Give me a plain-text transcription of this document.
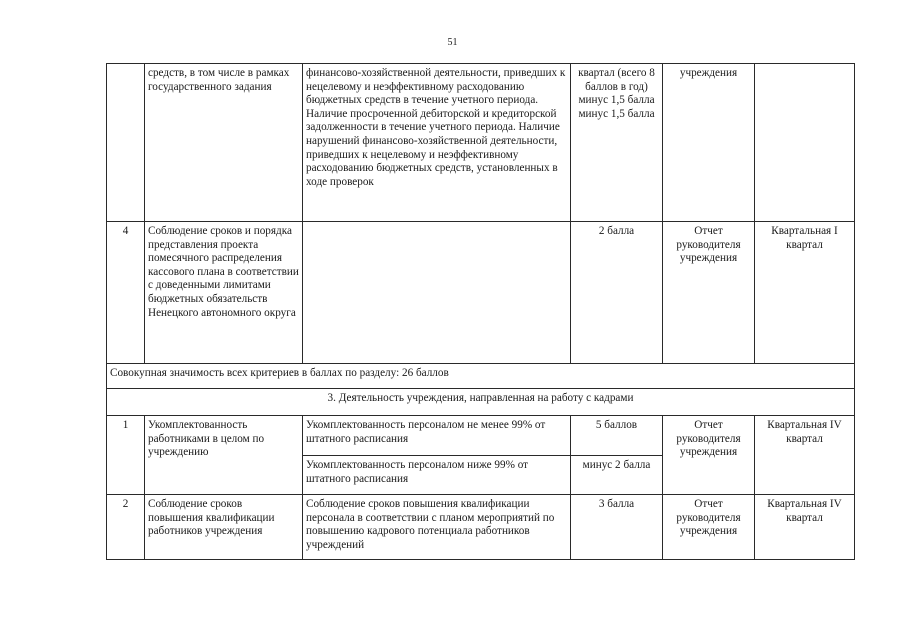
51
	средств, в том числе в рамках государственного задания	финансово-хозяйственной деятельности, приведших к нецелевому и неэффективному расходованию бюджетных средств в течение учетного периода. Наличие просроченной дебиторской и кредиторской задолженности в течение учетного периода. Наличие нарушений финансово-хозяйственной деятельности, приведших к нецелевому и неэффективному расходованию бюджетных средств, установленных в ходе проверок	квартал (всего 8 баллов в год) минус 1,5 балла минус 1,5 балла	учреждения	
4	Соблюдение сроков и порядка представления проекта помесячного распределения кассового плана в соответствии с доведенными лимитами бюджетных обязательств Ненецкого автономного округа		2 балла	Отчет руководителя учреждения	Квартальная I квартал
Совокупная значимость всех критериев в баллах по разделу: 26 баллов					
3. Деятельность учреждения, направленная на работу с кадрами					
1	Укомплектованность работниками в целом по учреждению	Укомплектованность персоналом не менее 99% от штатного расписания	5 баллов	Отчет руководителя учреждения	Квартальная IV квартал
		Укомплектованность персоналом ниже 99% от штатного расписания	минус 2 балла		
2	Соблюдение сроков повышения квалификации работников учреждения	Соблюдение сроков повышения квалификации персонала в соответствии с планом мероприятий по повышению кадрового потенциала работников учреждений	3 балла	Отчет руководителя учреждения	Квартальная IV квартал
